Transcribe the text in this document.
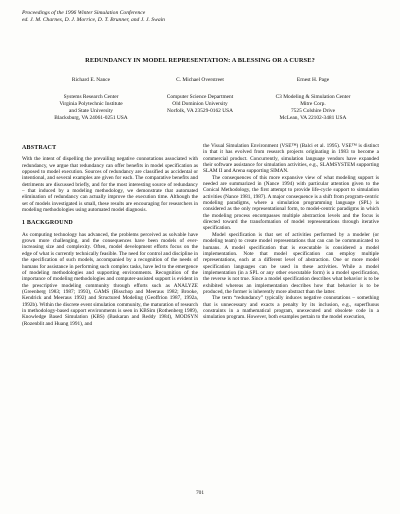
Proceedings of the 1996 Winter Simulation Conference
ed. J. M. Charnes, D. J. Morrice, D. T. Brunner, and J. J. Swain
REDUNDANCY IN MODEL REPRESENTATION: A BLESSING OR A CURSE?
Richard E. Nance
Systems Research Center
Virginia Polytechnic Institute
and State University
Blacksburg, VA 24061-0251 USA
C. Michael Overstreet
Computer Science Department
Old Dominion University
Norfolk, VA 23529-0162 USA
Ernest H. Page
C3 Modeling & Simulation Center
Mitre Corp.
7525 Colshire Drive
McLean, VA 22102-3481 USA
ABSTRACT

With the intent of dispelling the prevailing negative connotations associated with redundancy, we argue that redundancy can offer benefits in model specification as opposed to model execution. Sources of redundancy are classified as accidental or intentional, and several examples are given for each. The comparative benefits and detriments are discussed briefly, and for the most interesting source of redundancy – that induced by a modeling methodology, we demonstrate that automated elimination of redundancy can actually improve the execution time. Although the set of models investigated is small, these results are encouraging for researchers in modeling methodologies using automated model diagnosis.

1 BACKGROUND

As computing technology has advanced, the problems perceived as solvable have grown more challenging, and the consequences have been models of ever-increasing size and complexity. Often, model development efforts focus on the edge of what is currently technically feasible. The need for control and discipline in the specification of such models, accompanied by a recognition of the needs of humans for assistance in performing such complex tasks, have led to the emergence of modeling methodologies and supporting environments. Recognition of the importance of modeling methodologies and computer-assisted support is evident in the prescriptive modeling community through efforts such as ANALYZE (Greenberg 1983; 1987; 1993), GAMS (Bisschop and Meeraus 1982; Brooke, Kendrick and Meeraus 1992) and Structured Modeling (Geoffrion 1987, 1992a, 1992b). Within the discrete event simulation community, the maturation of research in methodology-based support environments is seen in KBSim (Rothenberg 1989), Knowledge Based Simulation (KBS) (Baskaran and Reddy 1984), MODSYN (Rozenblit and Huang 1991), and

the Visual Simulation Environment (VSE™) (Balci et al. 1995). VSE™ is distinct in that it has evolved from research projects originating in 1983 to become a commercial product. Concurrently, simulation language vendors have expanded their software assistance for simulation activities, e.g., SLAMSYSTEM supporting SLAM II and Arena supporting SIMAN.

The consequences of this more expansive view of what modeling support is needed are summarized in (Nance 1994) with particular attention given to the Conical Methodology, the first attempt to provide life-cycle support to simulation activities (Nance 1981, 1987). A major consequence is a shift from program-centric modeling paradigms, where a simulation programming language (SPL) is considered as the only representational form, to model-centric paradigms in which the modeling process encompasses multiple abstraction levels and the focus is directed toward the transformation of model representations through iterative specification.

Model specification is that set of activities performed by a modeler (or modeling team) to create model representations that can can be communicated to humans. A model specification that is executable is considered a model implementation. Note that model specification can employ multiple representations, each at a different level of abstraction. One or more model specification languages can be used in these activities. While a model implementation (in a SPL or any other executable form) is a model specification, the reverse is not true. Since a model specification describes what behavior is to be exhibited whereas an implementation describes how that behavior is to be produced, the former is inherently more abstract than the latter.

The term “redundancy” typically induces negative connotations – something that is unnecessary and exacts a penalty by its inclusion, e.g., superfluous constraints in a mathematical program, unexecuted and obsolete code in a simulation program. However, both examples pertain to the model execution,

701
